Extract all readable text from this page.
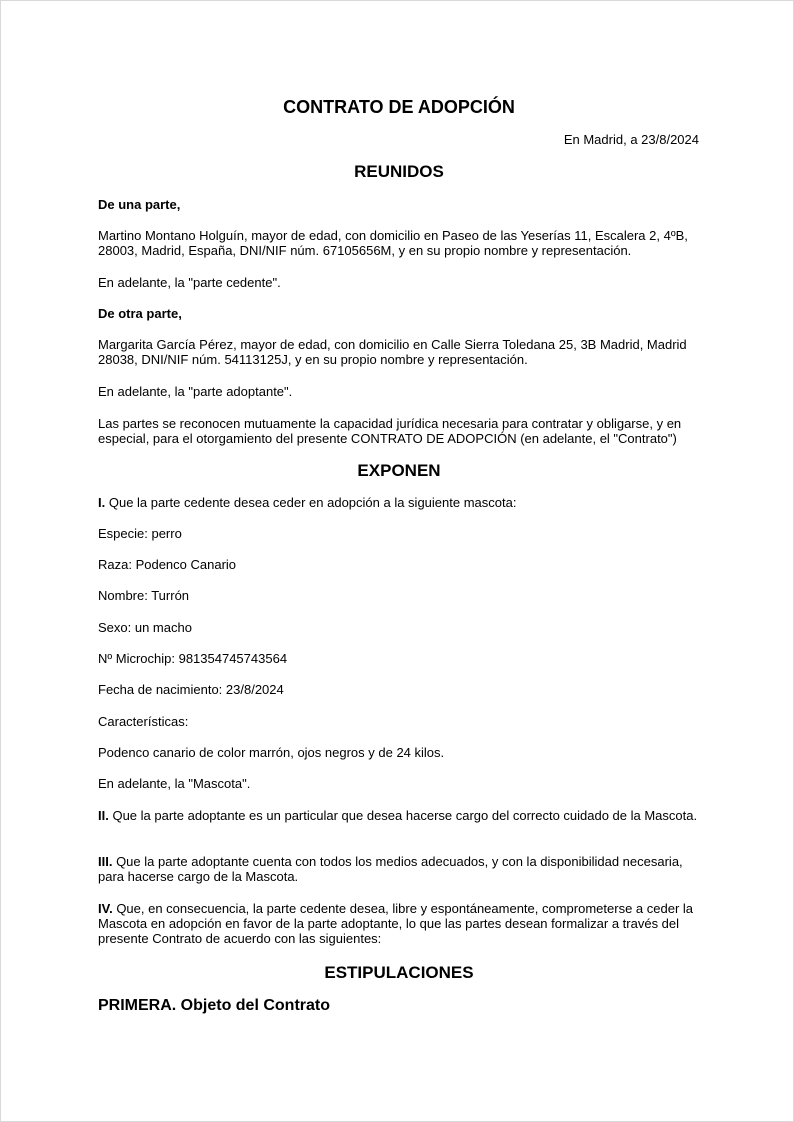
CONTRATO DE ADOPCIÓN
En Madrid, a 23/8/2024
REUNIDOS
De una parte,
Martino Montano Holguín, mayor de edad, con domicilio en Paseo de las Yeserías 11, Escalera 2, 4ºB, 28003, Madrid, España, DNI/NIF núm. 67105656M, y en su propio nombre y representación.
En adelante, la "parte cedente".
De otra parte,
Margarita García Pérez, mayor de edad, con domicilio en Calle Sierra Toledana 25, 3B Madrid, Madrid 28038, DNI/NIF núm. 54113125J, y en su propio nombre y representación.
En adelante, la "parte adoptante".
Las partes se reconocen mutuamente la capacidad jurídica necesaria para contratar y obligarse, y en especial, para el otorgamiento del presente CONTRATO DE ADOPCIÓN (en adelante, el "Contrato")
EXPONEN
I. Que la parte cedente desea ceder en adopción a la siguiente mascota:
Especie: perro
Raza: Podenco Canario
Nombre: Turrón
Sexo: un macho
Nº Microchip: 981354745743564
Fecha de nacimiento: 23/8/2024
Características:
Podenco canario de color marrón, ojos negros y de 24 kilos.
En adelante, la "Mascota".
II. Que la parte adoptante es un particular que desea hacerse cargo del correcto cuidado de la Mascota.
III. Que la parte adoptante cuenta con todos los medios adecuados, y con la disponibilidad necesaria, para hacerse cargo de la Mascota.
IV. Que, en consecuencia, la parte cedente desea, libre y espontáneamente, comprometerse a ceder la Mascota en adopción en favor de la parte adoptante, lo que las partes desean formalizar a través del presente Contrato de acuerdo con las siguientes:
ESTIPULACIONES
PRIMERA. Objeto del Contrato
